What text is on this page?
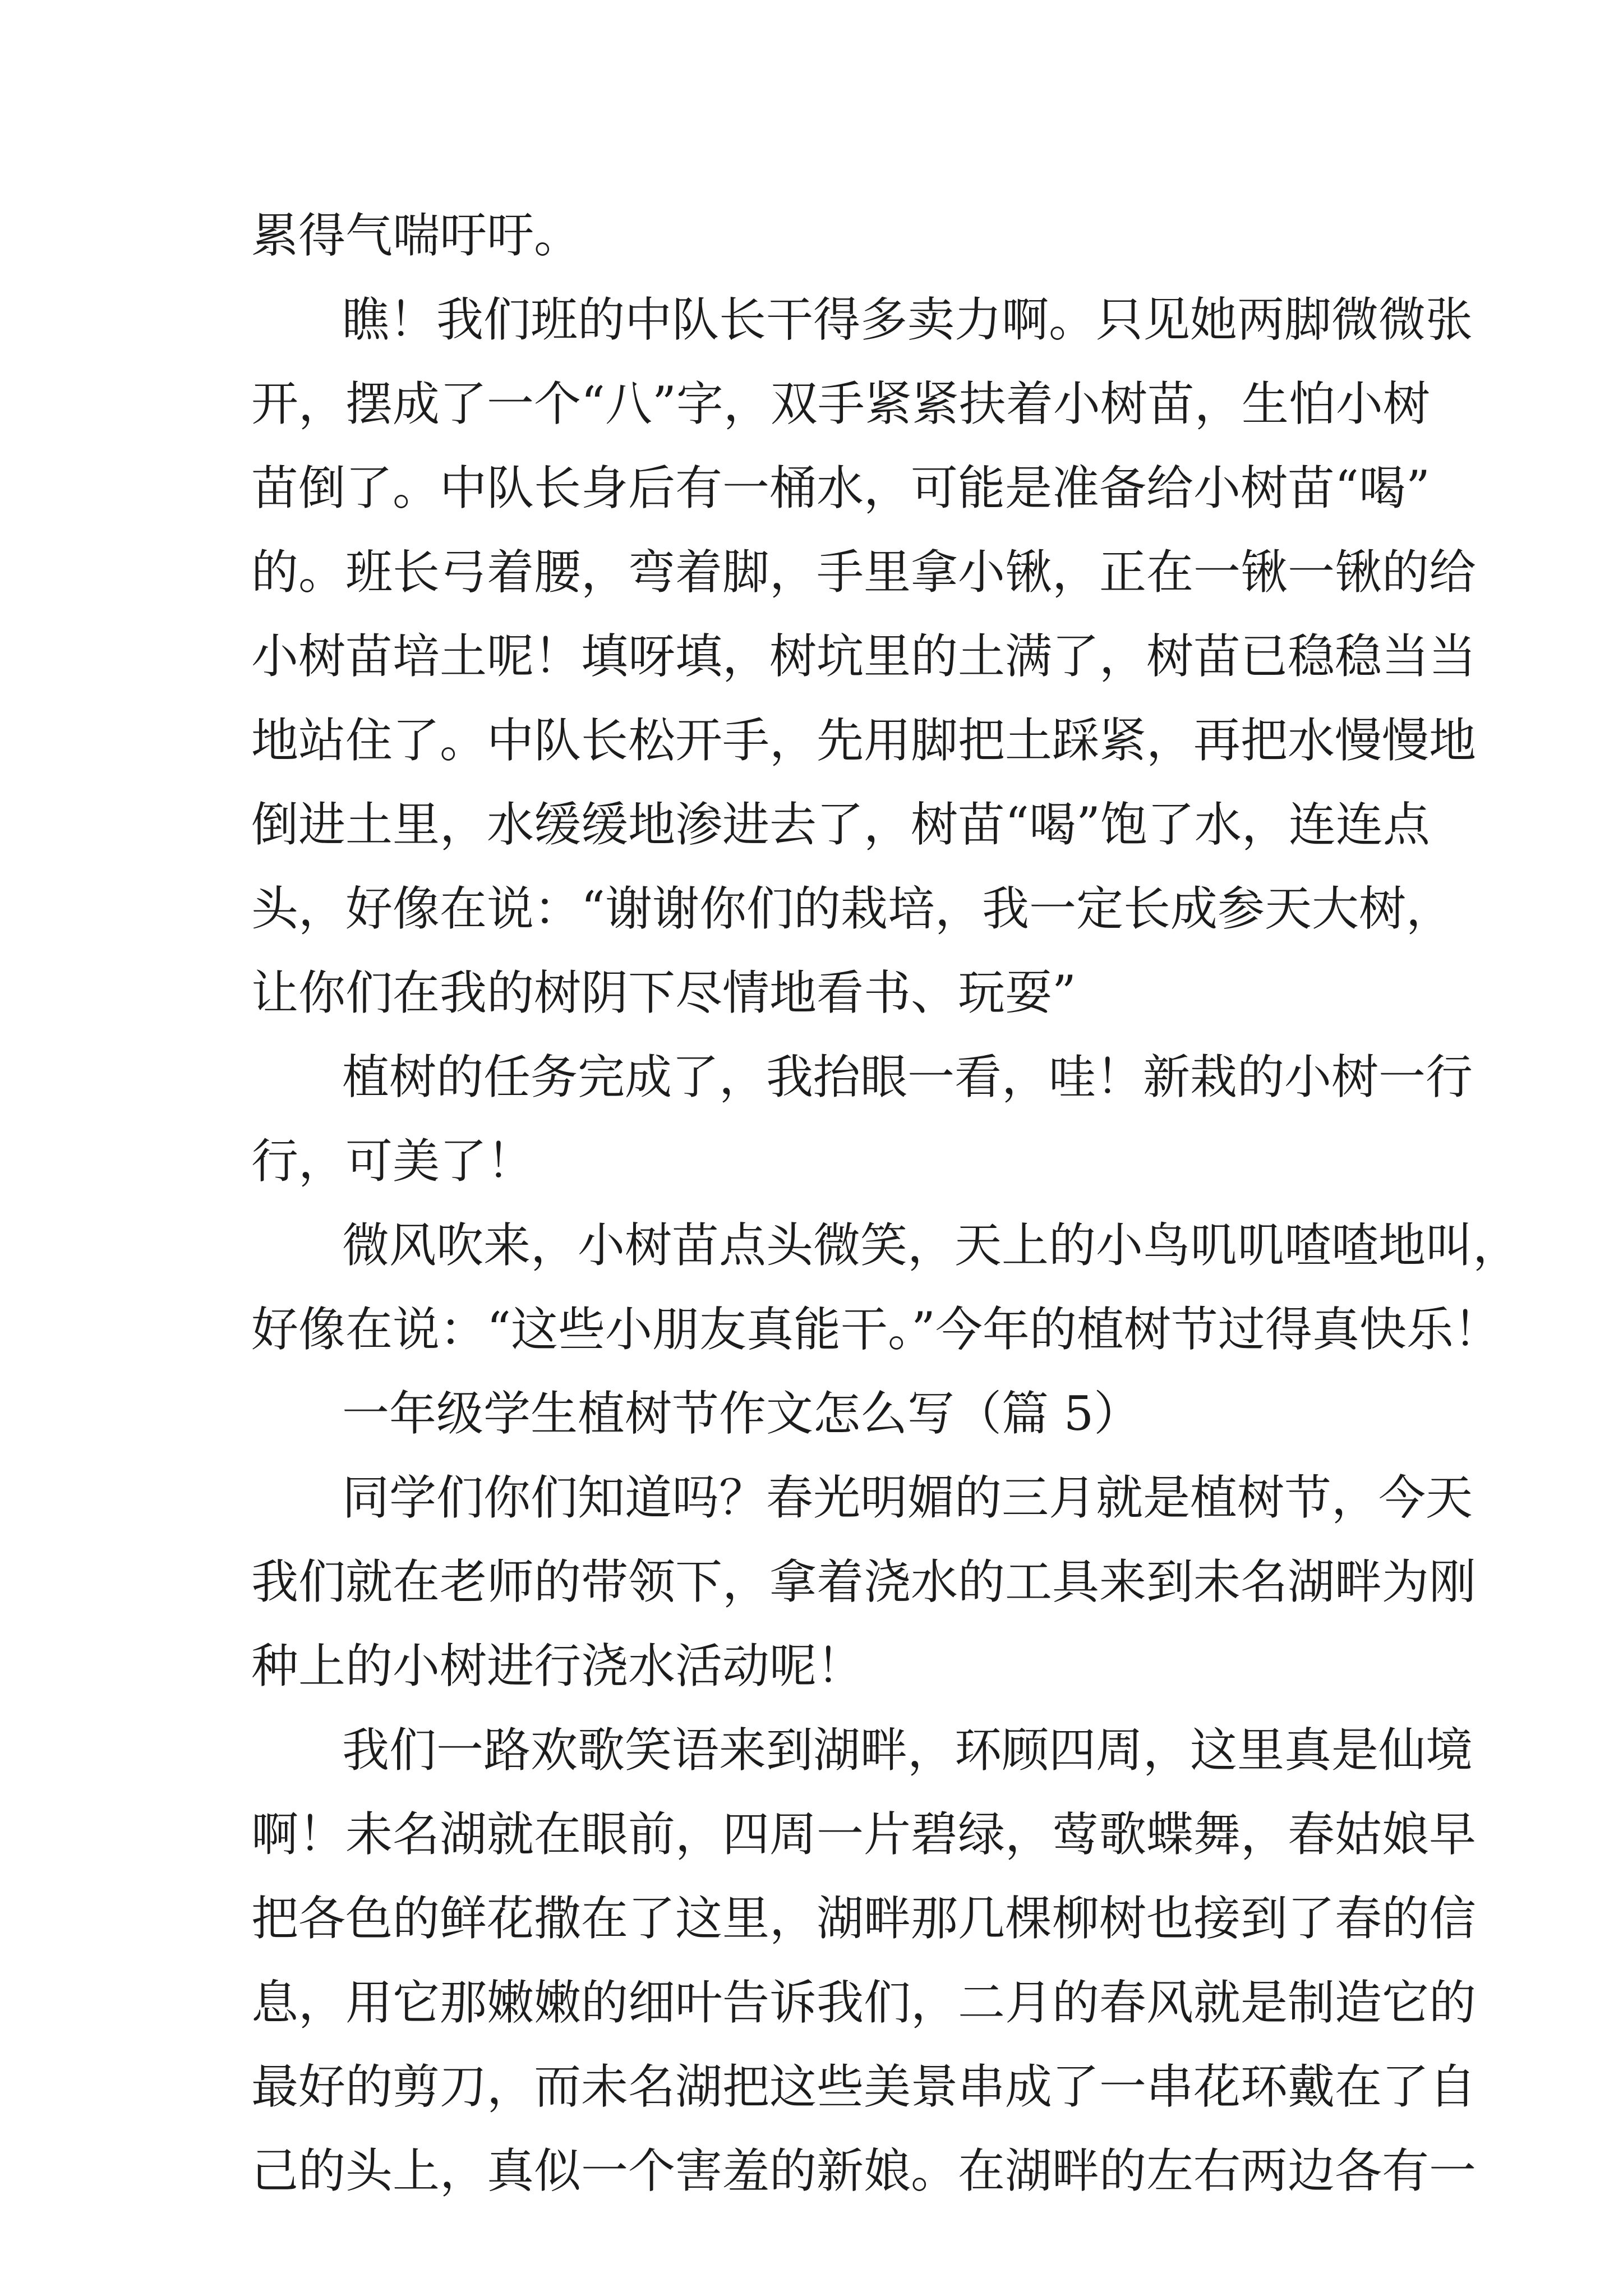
累得气喘吁吁。
瞧！我们班的中队长干得多卖力啊。只见她两脚微微张
开，摆成了一个“八”字，双手紧紧扶着小树苗，生怕小树
苗倒了。中队长身后有一桶水，可能是准备给小树苗“喝”
的。班长弓着腰，弯着脚，手里拿小锹，正在一锹一锹的给
小树苗培土呢！填呀填，树坑里的土满了，树苗已稳稳当当
地站住了。中队长松开手，先用脚把土踩紧，再把水慢慢地
倒进土里，水缓缓地渗进去了，树苗“喝”饱了水，连连点
头，好像在说：“谢谢你们的栽培，我一定长成参天大树，
让你们在我的树阴下尽情地看书、玩耍”
植树的任务完成了，我抬眼一看，哇！新栽的小树一行
行，可美了！
微风吹来，小树苗点头微笑，天上的小鸟叽叽喳喳地叫，
好像在说：“这些小朋友真能干。”今年的植树节过得真快乐！
一年级学生植树节作文怎么写（篇 5）
同学们你们知道吗？春光明媚的三月就是植树节，今天
我们就在老师的带领下，拿着浇水的工具来到未名湖畔为刚
种上的小树进行浇水活动呢！
我们一路欢歌笑语来到湖畔，环顾四周，这里真是仙境
啊！未名湖就在眼前，四周一片碧绿，莺歌蝶舞，春姑娘早
把各色的鲜花撒在了这里，湖畔那几棵柳树也接到了春的信
息，用它那嫩嫩的细叶告诉我们，二月的春风就是制造它的
最好的剪刀，而未名湖把这些美景串成了一串花环戴在了自
己的头上，真似一个害羞的新娘。在湖畔的左右两边各有一
